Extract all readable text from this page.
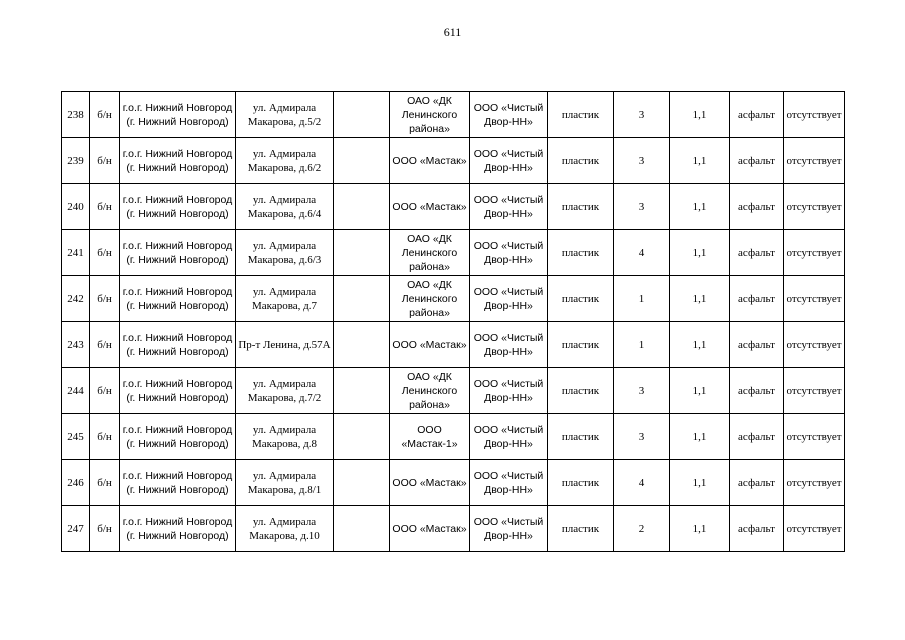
611
238	б/н	г.о.г. Нижний Новгород (г. Нижний Новгород)	ул. Адмирала Макарова, д.5/2		ОАО «ДК Ленинского района»	ООО «Чистый Двор-НН»	пластик	3	1,1	асфальт	отсутствует
239	б/н	г.о.г. Нижний Новгород (г. Нижний Новгород)	ул. Адмирала Макарова, д.6/2		ООО «Мастак»	ООО «Чистый Двор-НН»	пластик	3	1,1	асфальт	отсутствует
240	б/н	г.о.г. Нижний Новгород (г. Нижний Новгород)	ул. Адмирала Макарова, д.6/4		ООО «Мастак»	ООО «Чистый Двор-НН»	пластик	3	1,1	асфальт	отсутствует
241	б/н	г.о.г. Нижний Новгород (г. Нижний Новгород)	ул. Адмирала Макарова, д.6/3		ОАО «ДК Ленинского района»	ООО «Чистый Двор-НН»	пластик	4	1,1	асфальт	отсутствует
242	б/н	г.о.г. Нижний Новгород (г. Нижний Новгород)	ул. Адмирала Макарова, д.7		ОАО «ДК Ленинского района»	ООО «Чистый Двор-НН»	пластик	1	1,1	асфальт	отсутствует
243	б/н	г.о.г. Нижний Новгород (г. Нижний Новгород)	Пр-т Ленина, д.57А		ООО «Мастак»	ООО «Чистый Двор-НН»	пластик	1	1,1	асфальт	отсутствует
244	б/н	г.о.г. Нижний Новгород (г. Нижний Новгород)	ул. Адмирала Макарова, д.7/2		ОАО «ДК Ленинского района»	ООО «Чистый Двор-НН»	пластик	3	1,1	асфальт	отсутствует
245	б/н	г.о.г. Нижний Новгород (г. Нижний Новгород)	ул. Адмирала Макарова, д.8		ООО «Мастак-1»	ООО «Чистый Двор-НН»	пластик	3	1,1	асфальт	отсутствует
246	б/н	г.о.г. Нижний Новгород (г. Нижний Новгород)	ул. Адмирала Макарова, д.8/1		ООО «Мастак»	ООО «Чистый Двор-НН»	пластик	4	1,1	асфальт	отсутствует
247	б/н	г.о.г. Нижний Новгород (г. Нижний Новгород)	ул. Адмирала Макарова, д.10		ООО «Мастак»	ООО «Чистый Двор-НН»	пластик	2	1,1	асфальт	отсутствует
